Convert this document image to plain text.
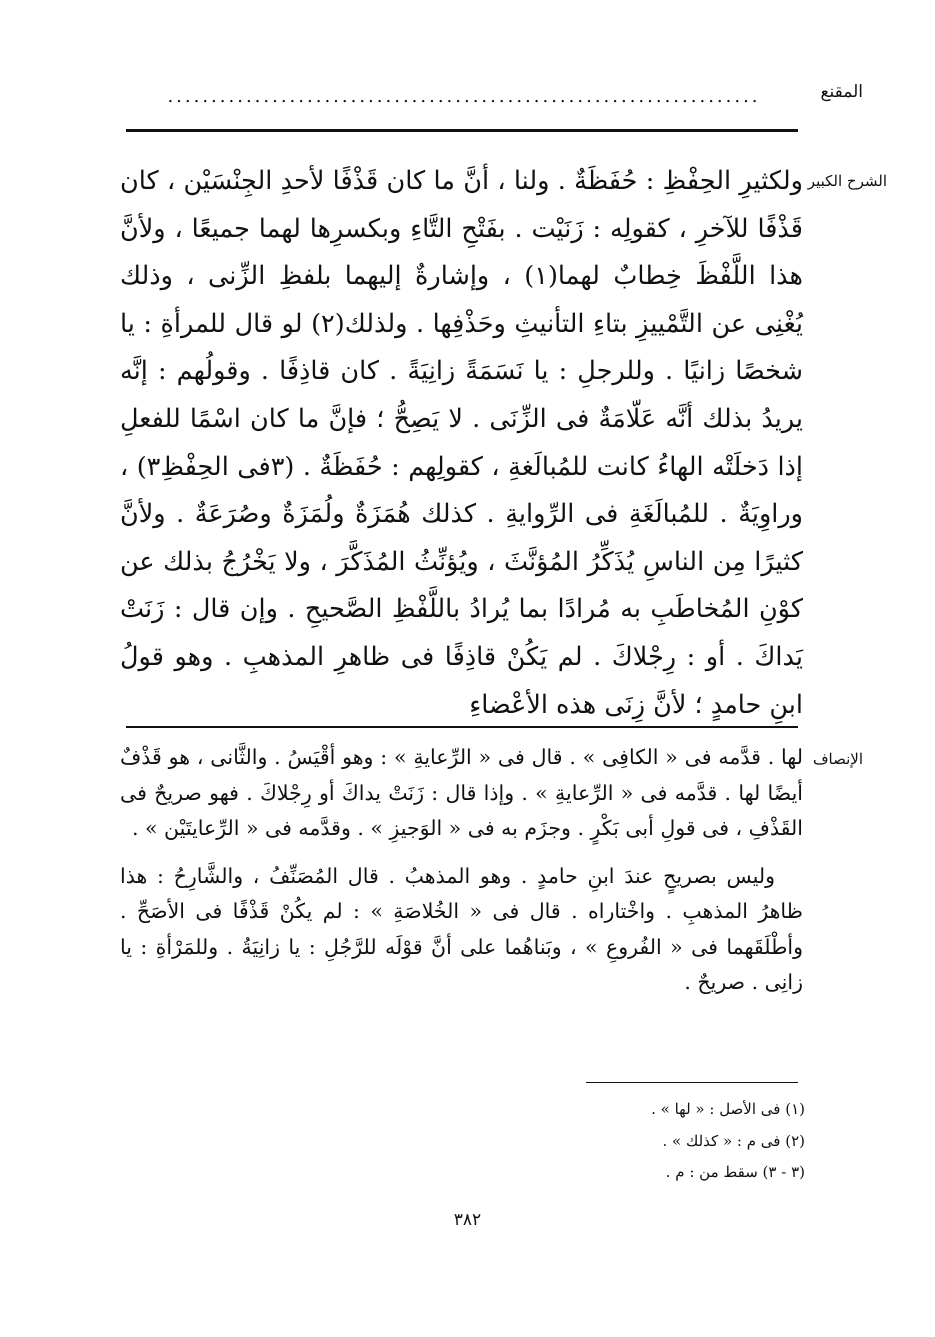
المقنع
....................................................................
الشرح الكبير

ولكثيرِ الحِفْظِ : حُفَظَةٌ . ولنا ، أنَّ ما كان قَذْفًا لأحدِ الجِنْسَيْن ، كان قَذْفًا للآخرِ ، كقولِه : زَنَيْت . بفَتْحِ التَّاءِ وبكسرِها لهما جميعًا ، ولأنَّ هذا اللَّفْظَ خِطابٌ لهما(١) ، وإشارةٌ إليهما بلفظِ الزِّنى ، وذلك يُغْنِى عن التَّمْييزِ بتاءِ التأنيثِ وحَذْفِها . ولذلك(٢) لو قال للمرأةِ : يا شخصًا زانيًا . وللرجلِ : يا نَسَمَةً زانِيَةً . كان قاذِفًا . وقولُهم : إنَّه يريدُ بذلك أنَّه عَلّامَةٌ فى الزِّنَى . لا يَصِحُّ ؛ فإنَّ ما كان اسْمًا للفعلِ إذا دَخلَتْه الهاءُ كانت للمُبالَغةِ ، كقولِهم : حُفَظَةٌ . (٣فى الحِفْظِ٣) ، وراوِيَةٌ . للمُبالَغَةِ فى الرِّوايةِ . كذلك هُمَزَةٌ ولُمَزَةٌ وصُرَعَةٌ . ولأنَّ كثيرًا مِن الناسِ يُذَكِّرُ المُؤنَّثَ ، ويُؤنِّثُ المُذَكَّرَ ، ولا يَخْرُجُ بذلك عن كوْنِ المُخاطَبِ به مُرادًا بما يُرادُ باللَّفْظِ الصَّحيحِ . وإن قال : زَنَتْ يَداكَ . أو : رِجْلاكَ . لم يَكُنْ قاذِفًا فى ظاهرِ المذهبِ . وهو قولُ ابنِ حامدٍ ؛ لأنَّ زِنَى هذه الأعْضاءِ

الإنصاف

لها . قدَّمه فى « الكافِى » . قال فى « الرِّعايةِ » : وهو أقْيَسُ . والثَّانى ، هو قَذْفٌ أيضًا لها . قدَّمه فى « الرِّعايةِ » . وإذا قال : زَنَتْ يداكَ أو رِجْلاكَ . فهو صريحٌ فى القَذْفِ ، فى قولِ أبى بَكْرٍ . وجزَم به فى « الوَجيزِ » . وقدَّمه فى « الرِّعايتَيْن » .

وليس بصريحٍ عندَ ابنِ حامدٍ . وهو المذهبُ . قال المُصَنِّفُ ، والشَّارِحُ : هذا ظاهرُ المذهبِ . واخْتاراه . قال فى « الخُلاصَةِ » : لم يكُنْ قَذْفًا فى الأصَحِّ . وأطْلَقَهما فى « الفُروعِ » ، وبَناهُما على أنَّ قوْلَه للرَّجُلِ : يا زانِيَةُ . وللمَرْأةِ : يا زانِى . صريحٌ .

(١) فى الأصل : « لها » .

(٢) فى م : « كذلك » .

(٣ - ٣) سقط من : م .

٣٨٢
